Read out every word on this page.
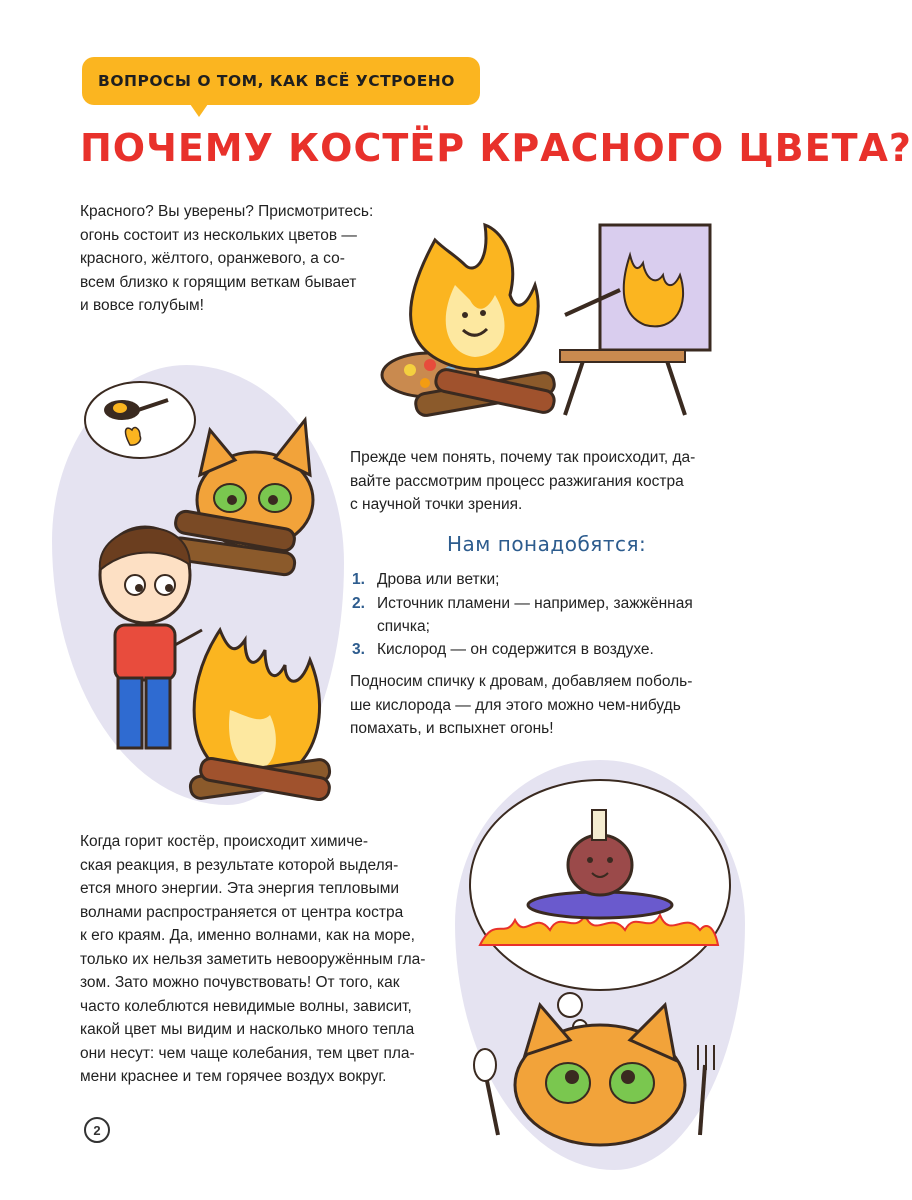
ВОПРОСЫ О ТОМ, КАК ВСЁ УСТРОЕНО
ПОЧЕМУ КОСТЁР КРАСНОГО ЦВЕТА?
Красного? Вы уверены? Присмотритесь:
огонь состоит из нескольких цветов —
красного, жёлтого, оранжевого, а со-
всем близко к горящим веткам бывает
и вовсе голубым!
Прежде чем понять, почему так происходит, да-
вайте рассмотрим процесс разжигания костра
с научной точки зрения.
Нам понадобятся:
1. Дрова или ветки;
2. Источник пламени — например, зажжённая
спичка;
3. Кислород — он содержится в воздухе.
Подносим спичку к дровам, добавляем поболь-
ше кислорода — для этого можно чем-нибудь
помахать, и вспыхнет огонь!
Когда горит костёр, происходит химиче-
ская реакция, в результате которой выделя-
ется много энергии. Эта энергия тепловыми
волнами распространяется от центра костра
к его краям. Да, именно волнами, как на море,
только их нельзя заметить невооружённым гла-
зом. Зато можно почувствовать! От того, как
часто колеблются невидимые волны, зависит,
какой цвет мы видим и насколько много тепла
они несут: чем чаще колебания, тем цвет пла-
мени краснее и тем горячее воздух вокруг.
2
